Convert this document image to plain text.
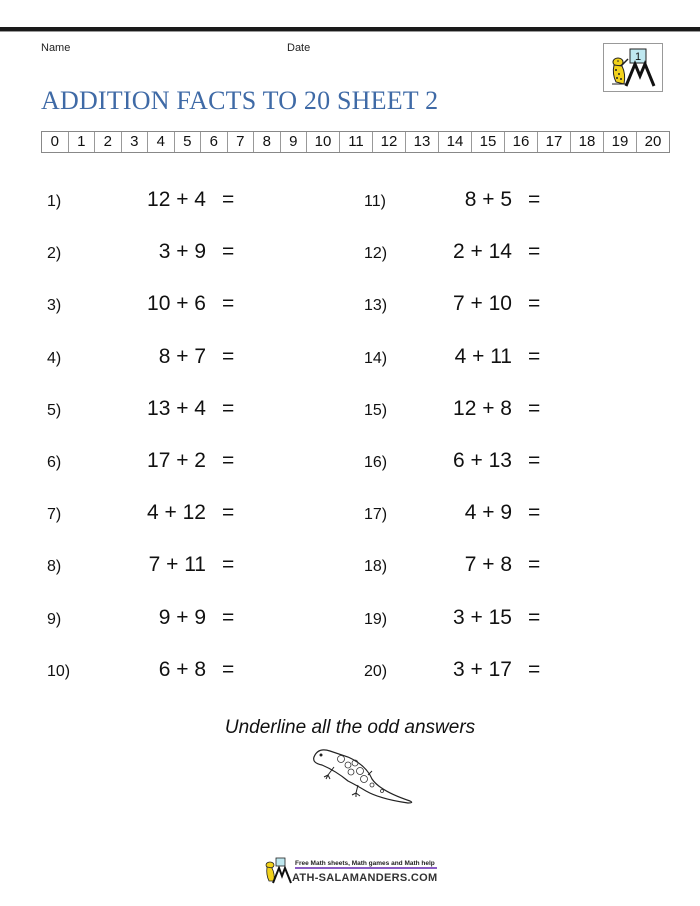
Name	Date
1
ADDITION FACTS TO 20 SHEET 2
0	1	2	3	4	5	6	7	8	9	10	11	12	13	14	15	16	17	18	19	20
1)	12 + 4 =
2)	3 + 9 =
3)	10 + 6 =
4)	8 + 7 =
5)	13 + 4 =
6)	17 + 2 =
7)	4 + 12 =
8)	7 + 11 =
9)	9 + 9 =
10)	6 + 8 =
11)	8 + 5 =
12)	2 + 14 =
13)	7 + 10 =
14)	4 + 11 =
15)	12 + 8 =
16)	6 + 13 =
17)	4 + 9 =
18)	7 + 8 =
19)	3 + 15 =
20)	3 + 17 =
Underline all the odd answers
Free Math sheets, Math games and Math help
ATH-SALAMANDERS.COM
